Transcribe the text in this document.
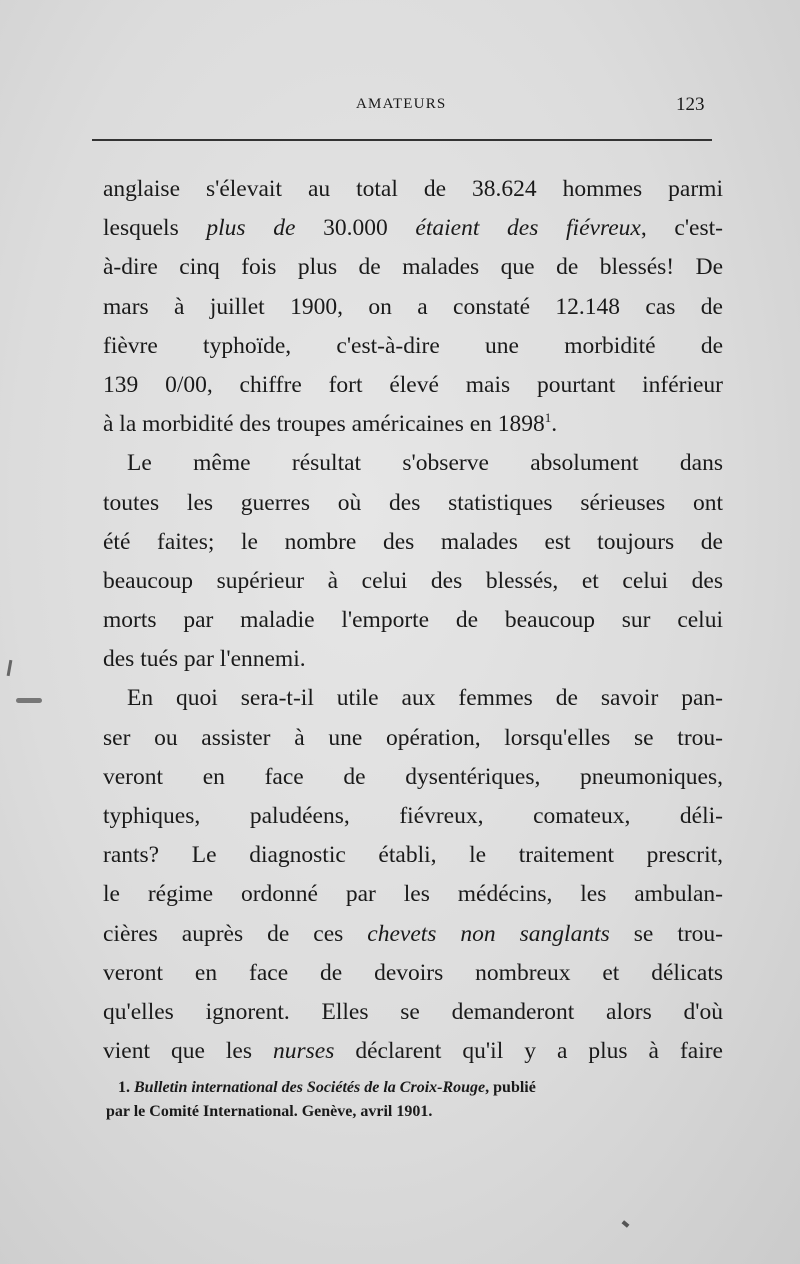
AMATEURS	123
anglaise s'élevait au total de 38.624 hommes parmi
lesquels plus de 30.000 étaient des fiévreux, c'est-
à-dire cinq fois plus de malades que de blessés! De
mars à juillet 1900, on a constaté 12.148 cas de
fièvre typhoïde, c'est-à-dire une morbidité de
139 0/00, chiffre fort élevé mais pourtant inférieur
à la morbidité des troupes américaines en 1898$^1$.
Le même résultat s'observe absolument dans
toutes les guerres où des statistiques sérieuses ont
été faites; le nombre des malades est toujours de
beaucoup supérieur à celui des blessés, et celui des
morts par maladie l'emporte de beaucoup sur celui
des tués par l'ennemi.
En quoi sera-t-il utile aux femmes de savoir pan-
ser ou assister à une opération, lorsqu'elles se trou-
veront en face de dysentériques, pneumoniques,
typhiques, paludéens, fiévreux, comateux, déli-
rants? Le diagnostic établi, le traitement prescrit,
le régime ordonné par les médécins, les ambulan-
cières auprès de ces chevets non sanglants se trou-
veront en face de devoirs nombreux et délicats
qu'elles ignorent. Elles se demanderont alors d'où
vient que les nurses déclarent qu'il y a plus à faire
1. Bulletin international des Sociétés de la Croix-Rouge, publié
par le Comité International. Genève, avril 1901.
